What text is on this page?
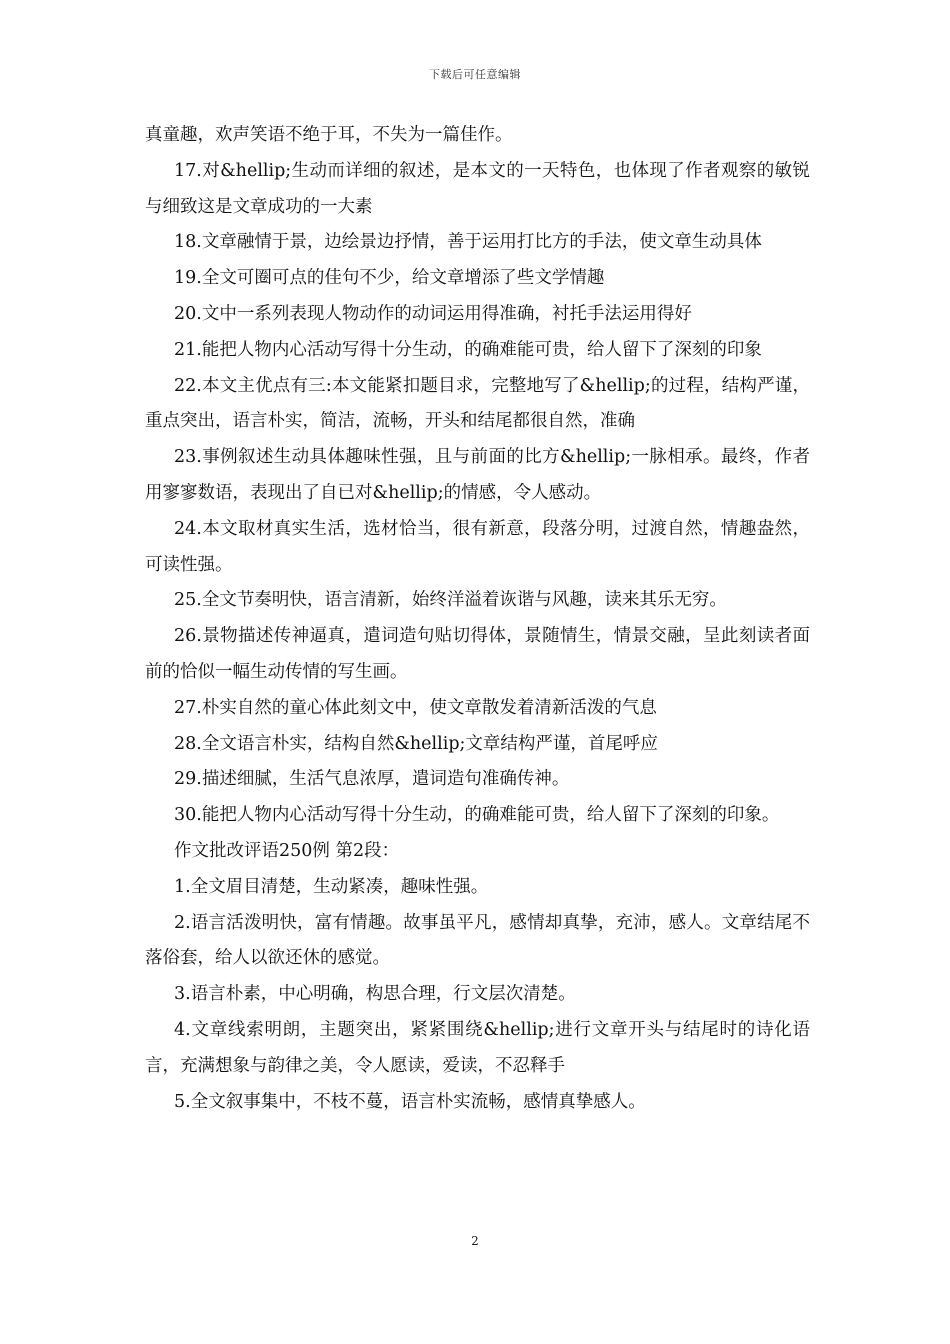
下载后可任意编辑

真童趣，欢声笑语不绝于耳，不失为一篇佳作。

17.对&hellip;生动而详细的叙述，是本文的一天特色，也体现了作者观察的敏锐与细致这是文章成功的一大素

18.文章融情于景，边绘景边抒情，善于运用打比方的手法，使文章生动具体

19.全文可圈可点的佳句不少，给文章增添了些文学情趣

20.文中一系列表现人物动作的动词运用得准确，衬托手法运用得好

21.能把人物内心活动写得十分生动，的确难能可贵，给人留下了深刻的印象

22.本文主优点有三:本文能紧扣题目求，完整地写了&hellip;的过程，结构严谨，重点突出，语言朴实，简洁，流畅，开头和结尾都很自然，准确

23.事例叙述生动具体趣味性强，且与前面的比方&hellip;一脉相承。最终，作者用寥寥数语，表现出了自已对&hellip;的情感，令人感动。

24.本文取材真实生活，选材恰当，很有新意，段落分明，过渡自然，情趣盎然，可读性强。

25.全文节奏明快，语言清新，始终洋溢着诙谐与风趣，读来其乐无穷。

26.景物描述传神逼真，遣词造句贴切得体，景随情生，情景交融，呈此刻读者面前的恰似一幅生动传情的写生画。

27.朴实自然的童心体此刻文中，使文章散发着清新活泼的气息

28.全文语言朴实，结构自然&hellip;文章结构严谨，首尾呼应

29.描述细腻，生活气息浓厚，遣词造句准确传神。

30.能把人物内心活动写得十分生动，的确难能可贵，给人留下了深刻的印象。

作文批改评语250例 第2段：

1.全文眉目清楚，生动紧凑，趣味性强。

2.语言活泼明快，富有情趣。故事虽平凡，感情却真挚，充沛，感人。文章结尾不落俗套，给人以欲还休的感觉。

3.语言朴素，中心明确，构思合理，行文层次清楚。

4.文章线索明朗，主题突出，紧紧围绕&hellip;进行文章开头与结尾时的诗化语言，充满想象与韵律之美，令人愿读，爱读，不忍释手

5.全文叙事集中，不枝不蔓，语言朴实流畅，感情真挚感人。

2
